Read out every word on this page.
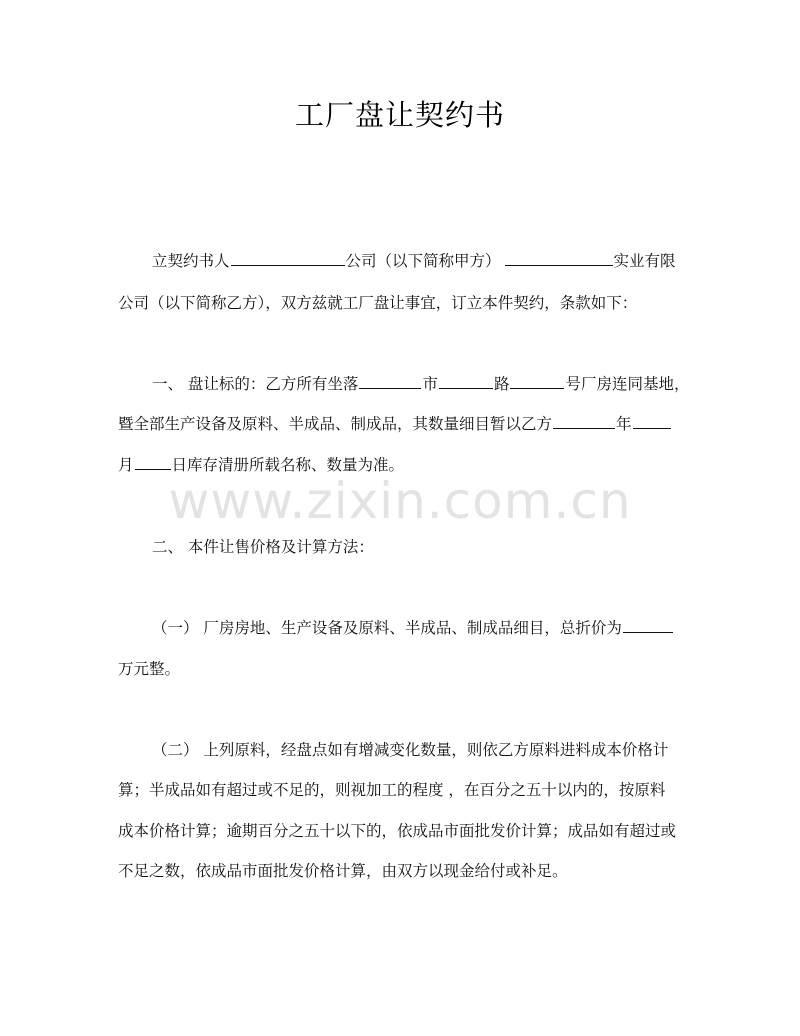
工厂盘让契约书
立契约书人	公司（以下简称甲方）	实业有限
公司（以下简称乙方），双方兹就工厂盘让事宜，订立本件契约，条款如下：
一、 盘让标的：乙方所有坐落	市	路	号厂房连同基地，
暨全部生产设备及原料、半成品、制成品，其数量细目暂以乙方	年
月 日库存清册所载名称、数量为准。
www.zixin.com.cn
二、 本件让售价格及计算方法：
（一） 厂房房地、生产设备及原料、半成品、制成品细目，总折价为
万元整。
（二） 上列原料，经盘点如有增减变化数量，则依乙方原料进料成本价格计
算；半成品如有超过或不足的，则视加工的程度 ，在百分之五十以内的，按原料
成本价格计算；逾期百分之五十以下的，依成品市面批发价计算；成品如有超过或
不足之数，依成品市面批发价格计算，由双方以现金给付或补足。
